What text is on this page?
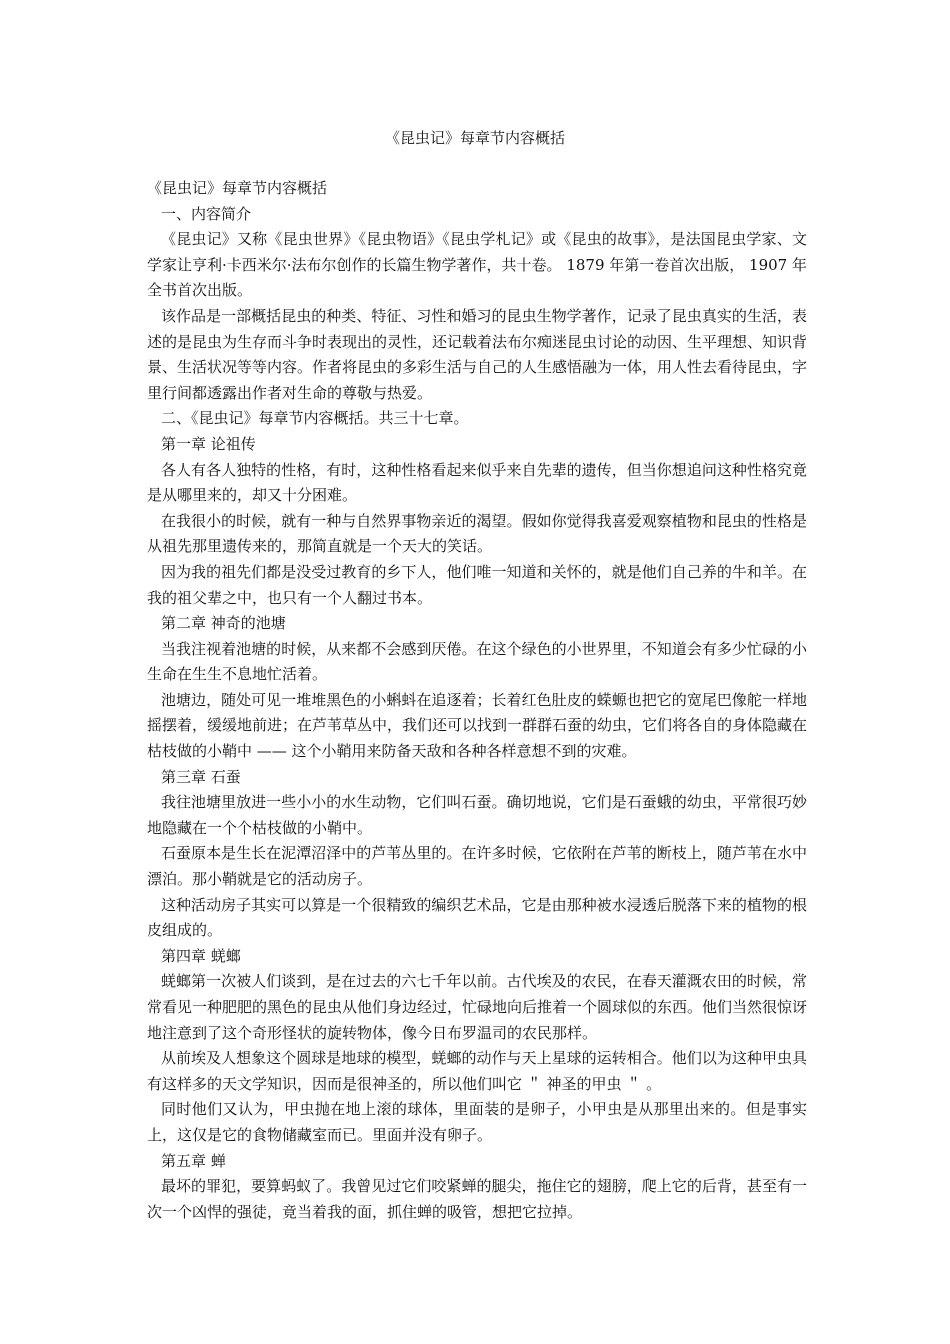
《昆虫记》每章节内容概括

《昆虫记》每章节内容概括

一、内容简介

《昆虫记》又称《昆虫世界》《昆虫物语》《昆虫学札记》或《昆虫的故事》，是法国昆虫学家、文学家让亨利·卡西米尔·法布尔创作的长篇生物学著作，共十卷。 1879 年第一卷首次出版， 1907 年全书首次出版。

该作品是一部概括昆虫的种类、特征、习性和婚习的昆虫生物学著作，记录了昆虫真实的生活，表述的是昆虫为生存而斗争时表现出的灵性，还记载着法布尔痴迷昆虫讨论的动因、生平理想、知识背景、生活状况等等内容。作者将昆虫的多彩生活与自己的人生感悟融为一体，用人性去看待昆虫，字里行间都透露出作者对生命的尊敬与热爱。

二、《昆虫记》每章节内容概括。共三十七章。

第一章 论祖传

各人有各人独特的性格，有时，这种性格看起来似乎来自先辈的遗传，但当你想追问这种性格究竟是从哪里来的，却又十分困难。

在我很小的时候，就有一种与自然界事物亲近的渴望。假如你觉得我喜爱观察植物和昆虫的性格是从祖先那里遗传来的，那简直就是一个天大的笑话。

因为我的祖先们都是没受过教育的乡下人，他们唯一知道和关怀的，就是他们自己养的牛和羊。在我的祖父辈之中，也只有一个人翻过书本。

第二章 神奇的池塘

当我注视着池塘的时候，从来都不会感到厌倦。在这个绿色的小世界里，不知道会有多少忙碌的小生命在生生不息地忙活着。

池塘边，随处可见一堆堆黑色的小蝌蚪在追逐着；长着红色肚皮的蝾螈也把它的宽尾巴像舵一样地摇摆着，缓缓地前进；在芦苇草丛中，我们还可以找到一群群石蚕的幼虫，它们将各自的身体隐藏在枯枝做的小鞘中 —— 这个小鞘用来防备天敌和各种各样意想不到的灾难。

第三章 石蚕

我往池塘里放进一些小小的水生动物，它们叫石蚕。确切地说，它们是石蚕蛾的幼虫，平常很巧妙地隐藏在一个个枯枝做的小鞘中。

石蚕原本是生长在泥潭沼泽中的芦苇丛里的。在许多时候，它依附在芦苇的断枝上，随芦苇在水中漂泊。那小鞘就是它的活动房子。

这种活动房子其实可以算是一个很精致的编织艺术品，它是由那种被水浸透后脱落下来的植物的根皮组成的。

第四章 蜣螂

蜣螂第一次被人们谈到，是在过去的六七千年以前。古代埃及的农民，在春天灌溉农田的时候，常常看见一种肥肥的黑色的昆虫从他们身边经过，忙碌地向后推着一个圆球似的东西。他们当然很惊讶地注意到了这个奇形怪状的旋转物体，像今日布罗温司的农民那样。

从前埃及人想象这个圆球是地球的模型，蜣螂的动作与天上星球的运转相合。他们以为这种甲虫具有这样多的天文学知识，因而是很神圣的，所以他们叫它 ＂ 神圣的甲虫 ＂ 。

同时他们又认为，甲虫抛在地上滚的球体，里面装的是卵子，小甲虫是从那里出来的。但是事实上，这仅是它的食物储藏室而已。里面并没有卵子。

第五章 蝉

最坏的罪犯，要算蚂蚁了。我曾见过它们咬紧蝉的腿尖，拖住它的翅膀，爬上它的后背，甚至有一次一个凶悍的强徒，竟当着我的面，抓住蝉的吸管，想把它拉掉。
